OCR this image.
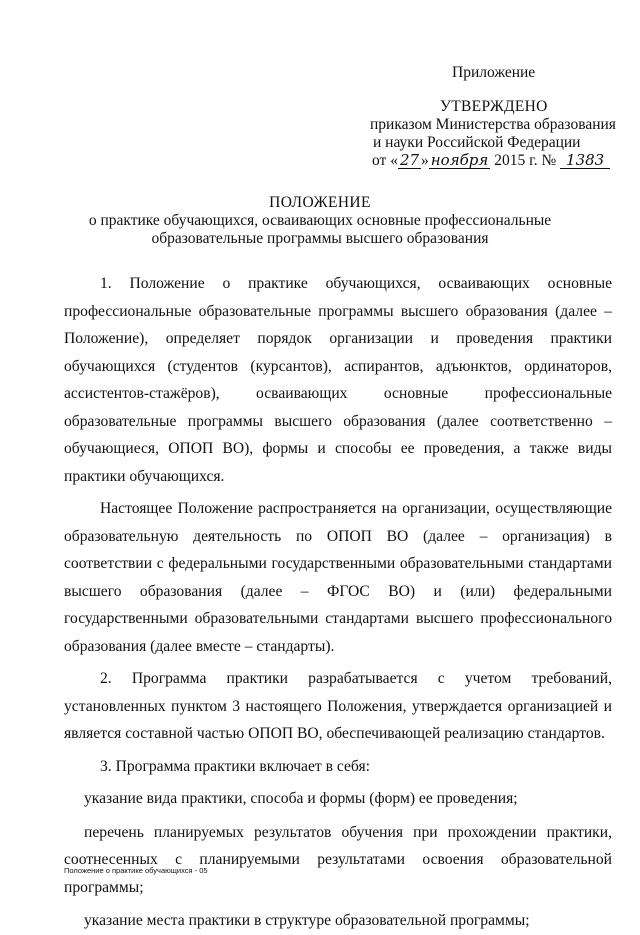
Приложение
УТВЕРЖДЕНО
приказом Министерства образования
и науки Российской Федерации
от « 27 » ноября 2015 г. № 1383
ПОЛОЖЕНИЕ
о практике обучающихся, осваивающих основные профессиональные
образовательные программы высшего образования

1. Положение о практике обучающихся, осваивающих основные профессиональные образовательные программы высшего образования (далее – Положение), определяет порядок организации и проведения практики обучающихся (студентов (курсантов), аспирантов, адъюнктов, ординаторов, ассистентов-стажёров), осваивающих основные профессиональные образовательные программы высшего образования (далее соответственно – обучающиеся, ОПОП ВО), формы и способы ее проведения, а также виды практики обучающихся.

Настоящее Положение распространяется на организации, осуществляющие образовательную деятельность по ОПОП ВО (далее – организация) в соответствии с федеральными государственными образовательными стандартами высшего образования (далее – ФГОС ВО) и (или) федеральными государственными образовательными стандартами высшего профессионального образования (далее вместе – стандарты).

2. Программа практики разрабатывается с учетом требований, установленных пунктом 3 настоящего Положения, утверждается организацией и является составной частью ОПОП ВО, обеспечивающей реализацию стандартов.

3. Программа практики включает в себя:

указание вида практики, способа и формы (форм) ее проведения;

перечень планируемых результатов обучения при прохождении практики, соотнесенных с планируемыми результатами освоения образовательной программы;

указание места практики в структуре образовательной программы;

Положение о практике обучающихся - 05
